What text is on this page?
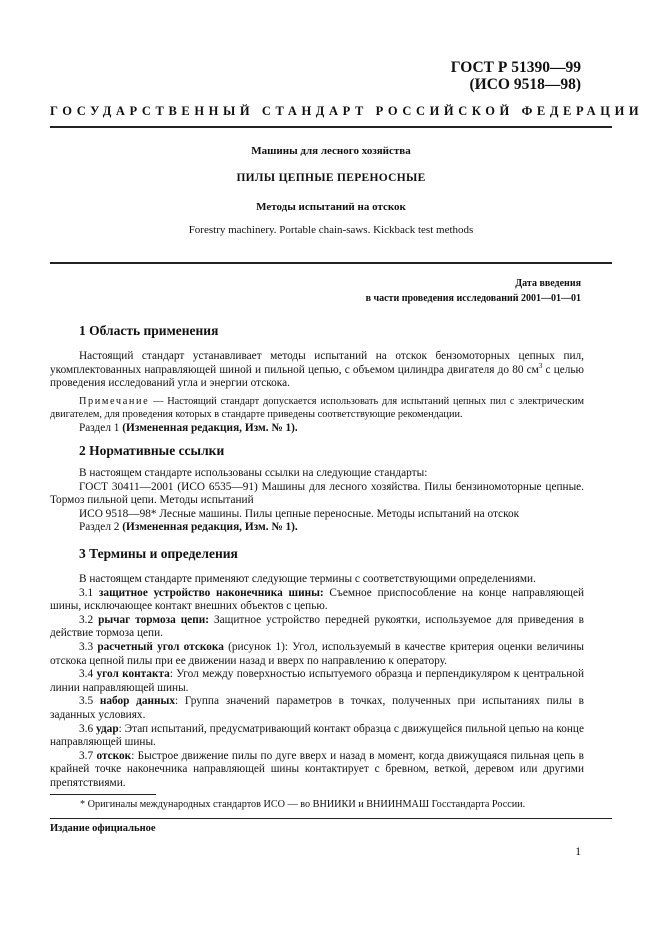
ГОСТ Р 51390—99
(ИСО 9518—98)
ГОСУДАРСТВЕННЫЙ СТАНДАРТ РОССИЙСКОЙ ФЕДЕРАЦИИ
Машины для лесного хозяйства
ПИЛЫ ЦЕПНЫЕ ПЕРЕНОСНЫЕ
Методы испытаний на отскок
Forestry machinery. Portable chain-saws. Kickback test methods
Дата введения
в части проведения исследований 2001—01—01
1 Область применения

Настоящий стандарт устанавливает методы испытаний на отскок бензомоторных цепных пил, укомплектованных направляющей шиной и пильной цепью, с объемом цилиндра двигателя до 80 $см^3$ с целью проведения исследований угла и энергии отскока.

Примечание — Настоящий стандарт допускается использовать для испытаний цепных пил с электрическим двигателем, для проведения которых в стандарте приведены соответствующие рекомендации.

Раздел 1 (Измененная редакция, Изм. № 1).

2 Нормативные ссылки

В настоящем стандарте использованы ссылки на следующие стандарты:

ГОСТ 30411—2001 (ИСО 6535—91) Машины для лесного хозяйства. Пилы бензиномоторные цепные. Тормоз пильной цепи. Методы испытаний

ИСО 9518—98* Лесные машины. Пилы цепные переносные. Методы испытаний на отскок

Раздел 2 (Измененная редакция, Изм. № 1).

3 Термины и определения

В настоящем стандарте применяют следующие термины с соответствующими определениями.

3.1 защитное устройство наконечника шины: Съемное приспособление на конце направляющей шины, исключающее контакт внешних объектов с цепью.

3.2 рычаг тормоза цепи: Защитное устройство передней рукоятки, используемое для приведения в действие тормоза цепи.

3.3 расчетный угол отскока (рисунок 1): Угол, используемый в качестве критерия оценки величины отскока цепной пилы при ее движении назад и вверх по направлению к оператору.

3.4 угол контакта: Угол между поверхностью испытуемого образца и перпендикуляром к центральной линии направляющей шины.

3.5 набор данных: Группа значений параметров в точках, полученных при испытаниях пилы в заданных условиях.

3.6 удар: Этап испытаний, предусматривающий контакт образца с движущейся пильной цепью на конце направляющей шины.

3.7 отскок: Быстрое движение пилы по дуге вверх и назад в момент, когда движущаяся пильная цепь в крайней точке наконечника направляющей шины контактирует с бревном, веткой, деревом или другими препятствиями.

* Оригиналы международных стандартов ИСО — во ВНИИКИ и ВНИИНМАШ Госстандарта России.
Издание официальное
1
